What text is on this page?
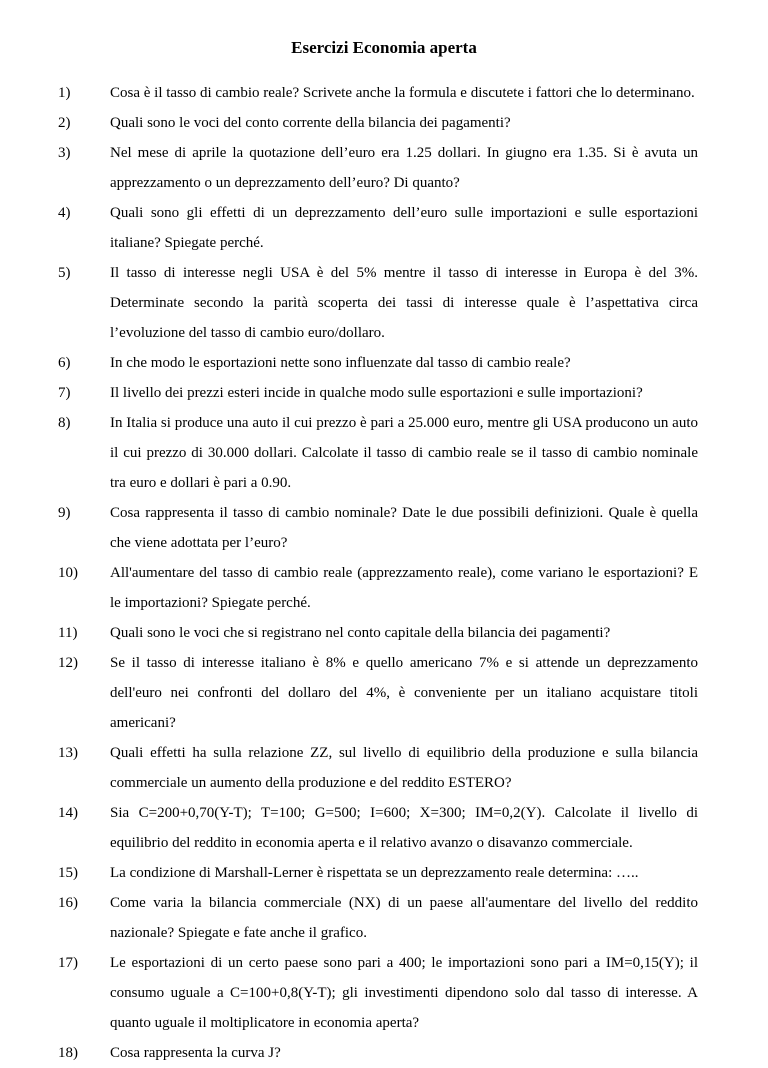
Esercizi Economia aperta
1)	Cosa è il tasso di cambio reale? Scrivete anche la formula e discutete i fattori che lo determinano.
2)	Quali sono le voci del conto corrente della bilancia dei pagamenti?
3)	Nel mese di aprile la quotazione dell’euro era 1.25 dollari. In giugno era 1.35. Si è avuta un apprezzamento o un deprezzamento dell’euro? Di quanto?
4)	Quali sono gli effetti di un deprezzamento dell’euro sulle importazioni e sulle esportazioni italiane? Spiegate perché.
5)	Il tasso di interesse negli USA è del 5% mentre il tasso di interesse in Europa è del 3%. Determinate secondo la parità scoperta dei tassi di interesse quale è l’aspettativa circa l’evoluzione del tasso di cambio euro/dollaro.
6)	In che modo le esportazioni nette sono influenzate dal tasso di cambio reale?
7)	Il livello dei prezzi esteri incide in qualche modo sulle esportazioni e sulle importazioni?
8)	In Italia si produce una auto il cui prezzo è pari a 25.000 euro, mentre gli USA producono un auto il cui prezzo di 30.000 dollari. Calcolate il tasso di cambio reale se il tasso di cambio nominale tra euro e dollari è pari a 0.90.
9)	Cosa rappresenta il tasso di cambio nominale? Date le due possibili definizioni. Quale è quella che viene adottata per l’euro?
10)	All'aumentare del tasso di cambio reale (apprezzamento reale), come variano le esportazioni? E le importazioni? Spiegate perché.
11)	Quali sono le voci che si registrano nel conto capitale della bilancia dei pagamenti?
12)	Se il tasso di interesse italiano è 8% e quello americano 7% e si attende un deprezzamento dell'euro nei confronti del dollaro del 4%, è conveniente per un italiano acquistare titoli americani?
13)	Quali effetti ha sulla relazione ZZ, sul livello di equilibrio della produzione e sulla bilancia commerciale un aumento della produzione e del reddito ESTERO?
14)	Sia C=200+0,70(Y-T); T=100; G=500; I=600; X=300; IM=0,2(Y). Calcolate il livello di equilibrio del reddito in economia aperta e il relativo avanzo o disavanzo commerciale.
15)	La condizione di Marshall-Lerner è rispettata se un deprezzamento reale determina: …..
16)	Come varia la bilancia commerciale (NX) di un paese all'aumentare del livello del reddito nazionale? Spiegate e fate anche il grafico.
17)	Le esportazioni di un certo paese sono pari a 400; le importazioni sono pari a IM=0,15(Y); il consumo uguale a C=100+0,8(Y-T); gli investimenti dipendono solo dal tasso di interesse. A quanto uguale il moltiplicatore in economia aperta?
18)	Cosa rappresenta la curva J?
